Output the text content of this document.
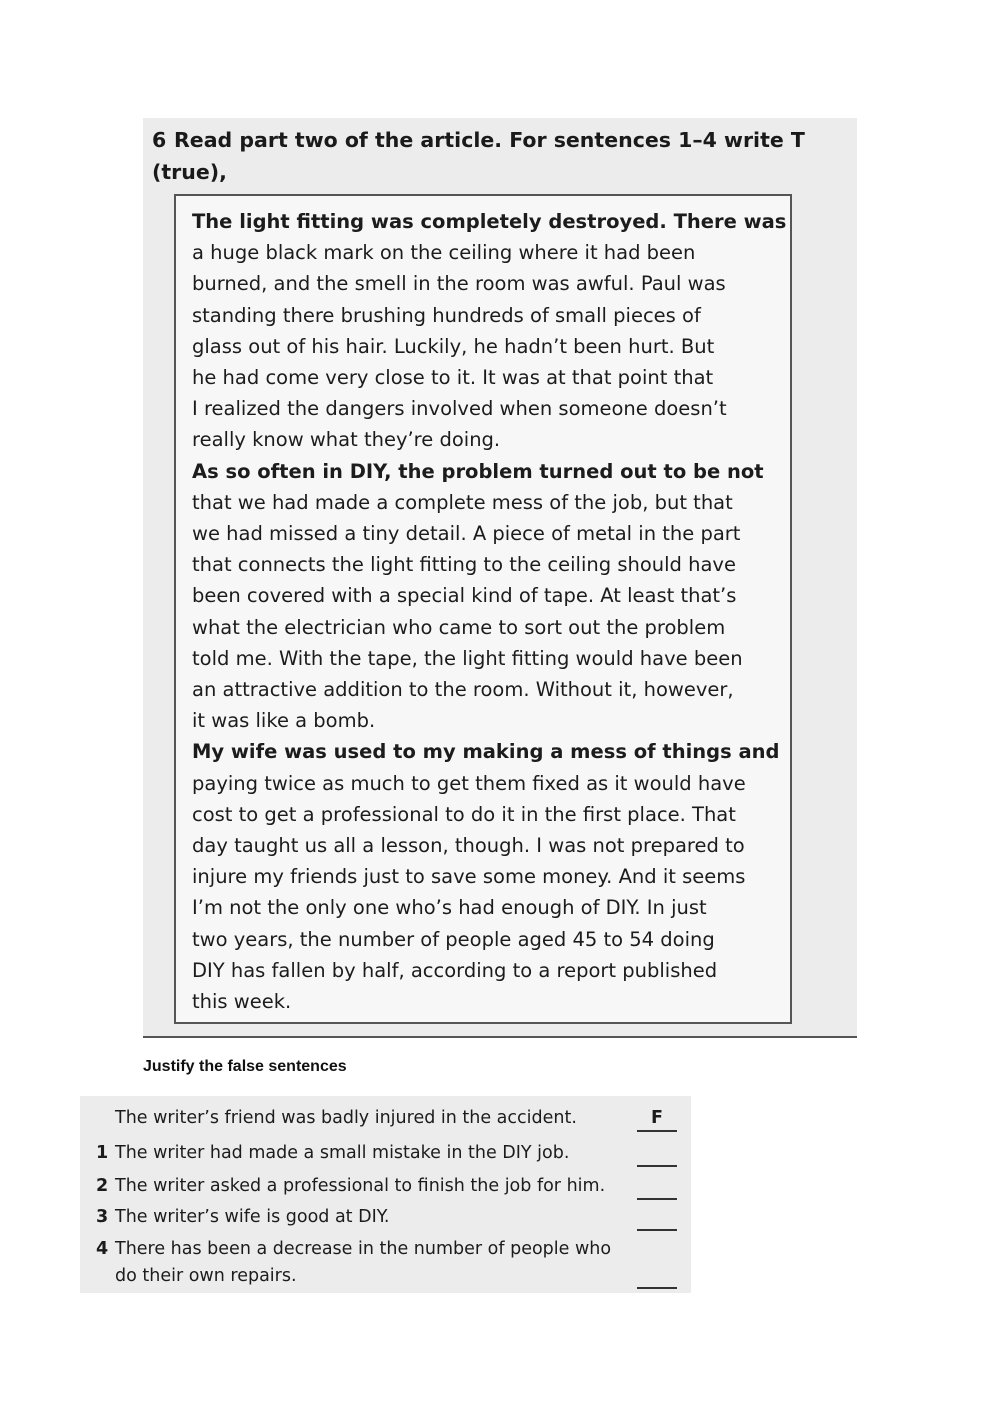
6 Read part two of the article. For sentences 1–4 write T (true),
The light fitting was completely destroyed. There was
a huge black mark on the ceiling where it had been
burned, and the smell in the room was awful. Paul was
standing there brushing hundreds of small pieces of
glass out of his hair. Luckily, he hadn’t been hurt. But
he had come very close to it. It was at that point that
I realized the dangers involved when someone doesn’t
really know what they’re doing.
As so often in DIY, the problem turned out to be not
that we had made a complete mess of the job, but that
we had missed a tiny detail. A piece of metal in the part
that connects the light fitting to the ceiling should have
been covered with a special kind of tape. At least that’s
what the electrician who came to sort out the problem
told me. With the tape, the light fitting would have been
an attractive addition to the room. Without it, however,
it was like a bomb.
My wife was used to my making a mess of things and
paying twice as much to get them fixed as it would have
cost to get a professional to do it in the first place. That
day taught us all a lesson, though. I was not prepared to
injure my friends just to save some money. And it seems
I’m not the only one who’s had enough of DIY. In just
two years, the number of people aged 45 to 54 doing
DIY has fallen by half, according to a report published
this week.
Justify the false sentences
The writer’s friend was badly injured in the accident.	F
1 The writer had made a small mistake in the DIY job.
2 The writer asked a professional to finish the job for him.
3 The writer’s wife is good at DIY.
4 There has been a decrease in the number of people who
do their own repairs.
